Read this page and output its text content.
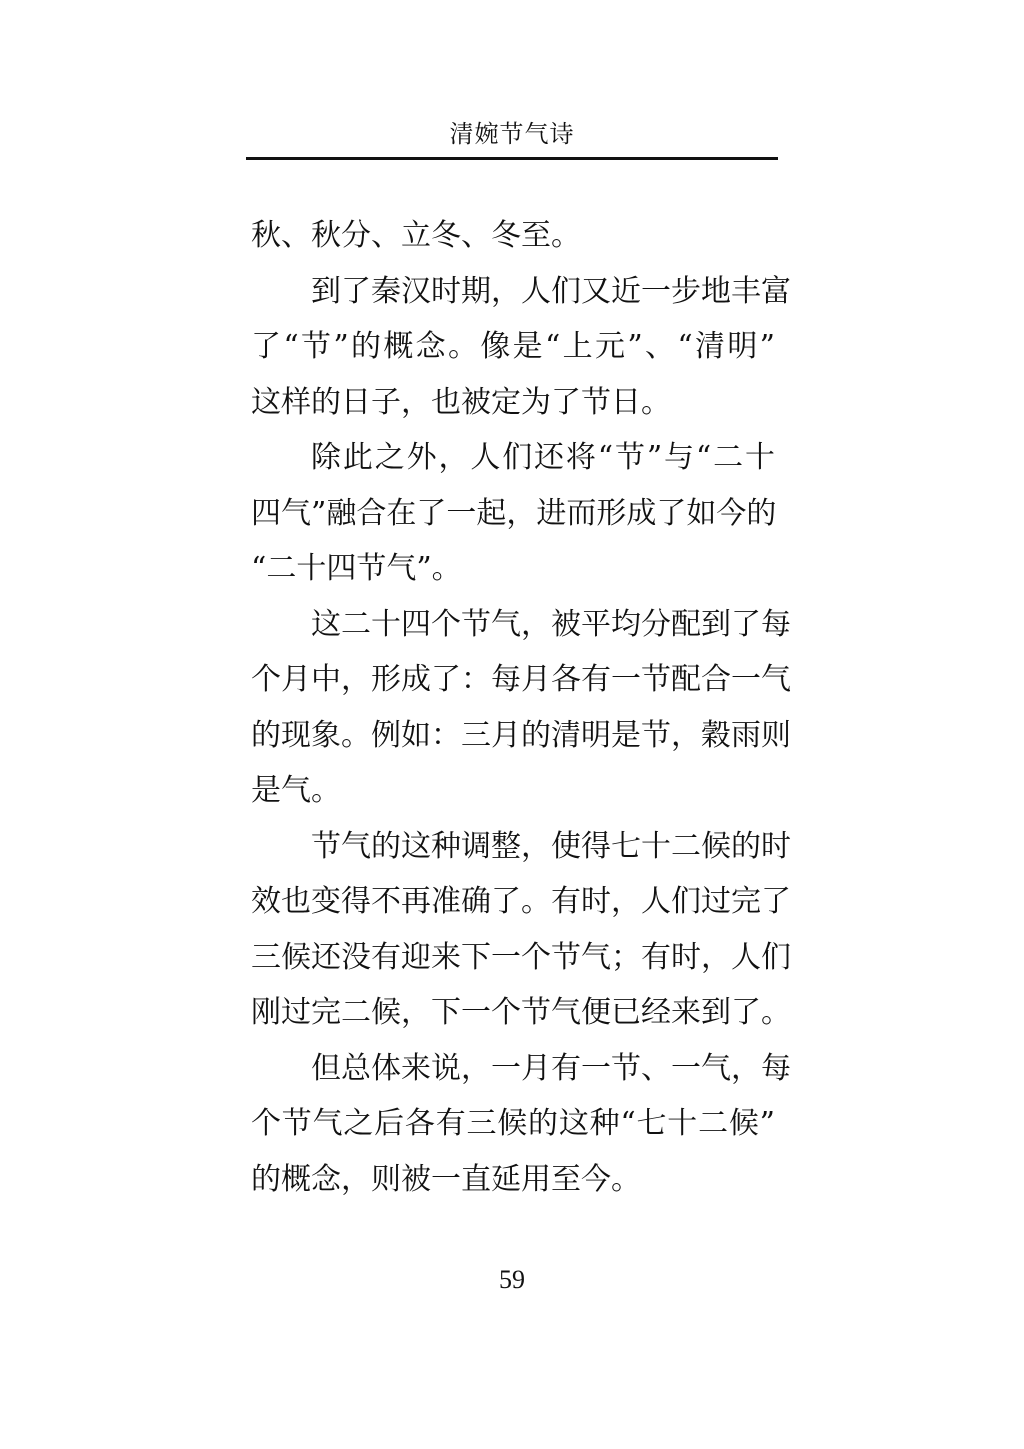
清婉节气诗
秋、秋分、立冬、冬至。
到了秦汉时期，人们又近一步地丰富
了“节”的概念。像是“上元”、“清明”
这样的日子，也被定为了节日。
除此之外，人们还将“节”与“二十
四气”融合在了一起，进而形成了如今的
“二十四节气”。
这二十四个节气，被平均分配到了每
个月中，形成了：每月各有一节配合一气
的现象。例如：三月的清明是节，穀雨则
是气。
节气的这种调整，使得七十二候的时
效也变得不再准确了。有时，人们过完了
三候还没有迎来下一个节气；有时，人们
刚过完二候，下一个节气便已经来到了。
但总体来说，一月有一节、一气，每
个节气之后各有三候的这种“七十二候”
的概念，则被一直延用至今。
59
